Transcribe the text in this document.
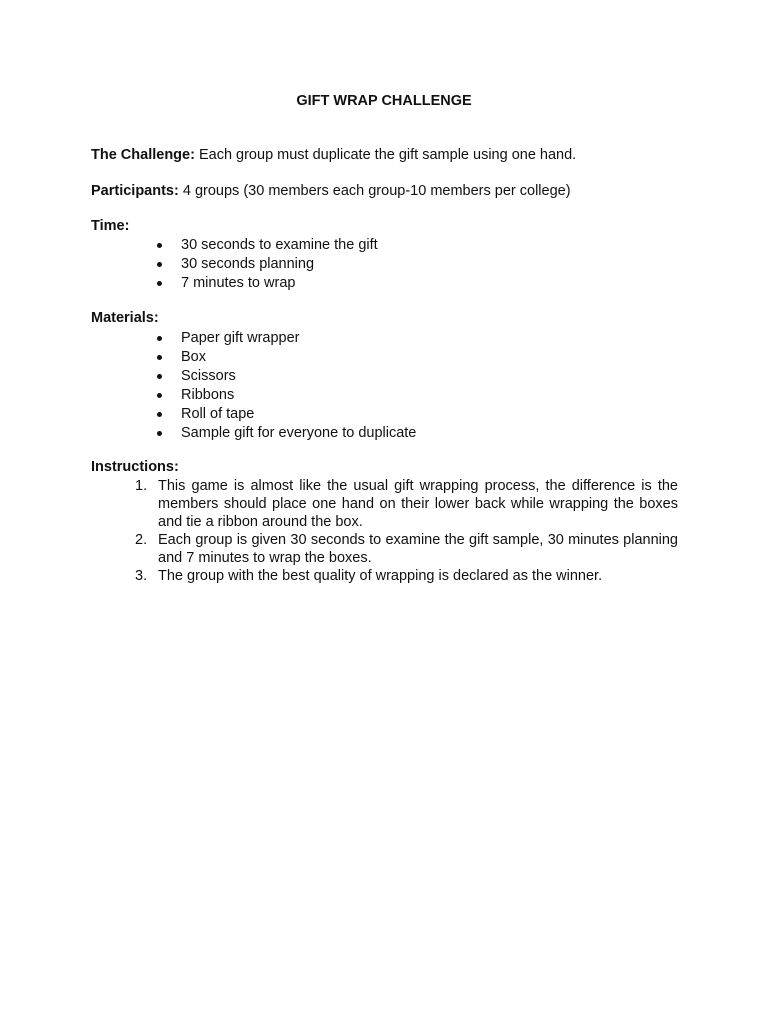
GIFT WRAP CHALLENGE
The Challenge: Each group must duplicate the gift sample using one hand.
Participants: 4 groups (30 members each group-10 members per college)
Time:
30 seconds to examine the gift
30 seconds planning
7 minutes to wrap
Materials:
Paper gift wrapper
Box
Scissors
Ribbons
Roll of tape
Sample gift for everyone to duplicate
Instructions:
1. This game is almost like the usual gift wrapping process, the difference is the members should place one hand on their lower back while wrapping the boxes and tie a ribbon around the box.
2. Each group is given 30 seconds to examine the gift sample, 30 minutes planning and 7 minutes to wrap the boxes.
3. The group with the best quality of wrapping is declared as the winner.
